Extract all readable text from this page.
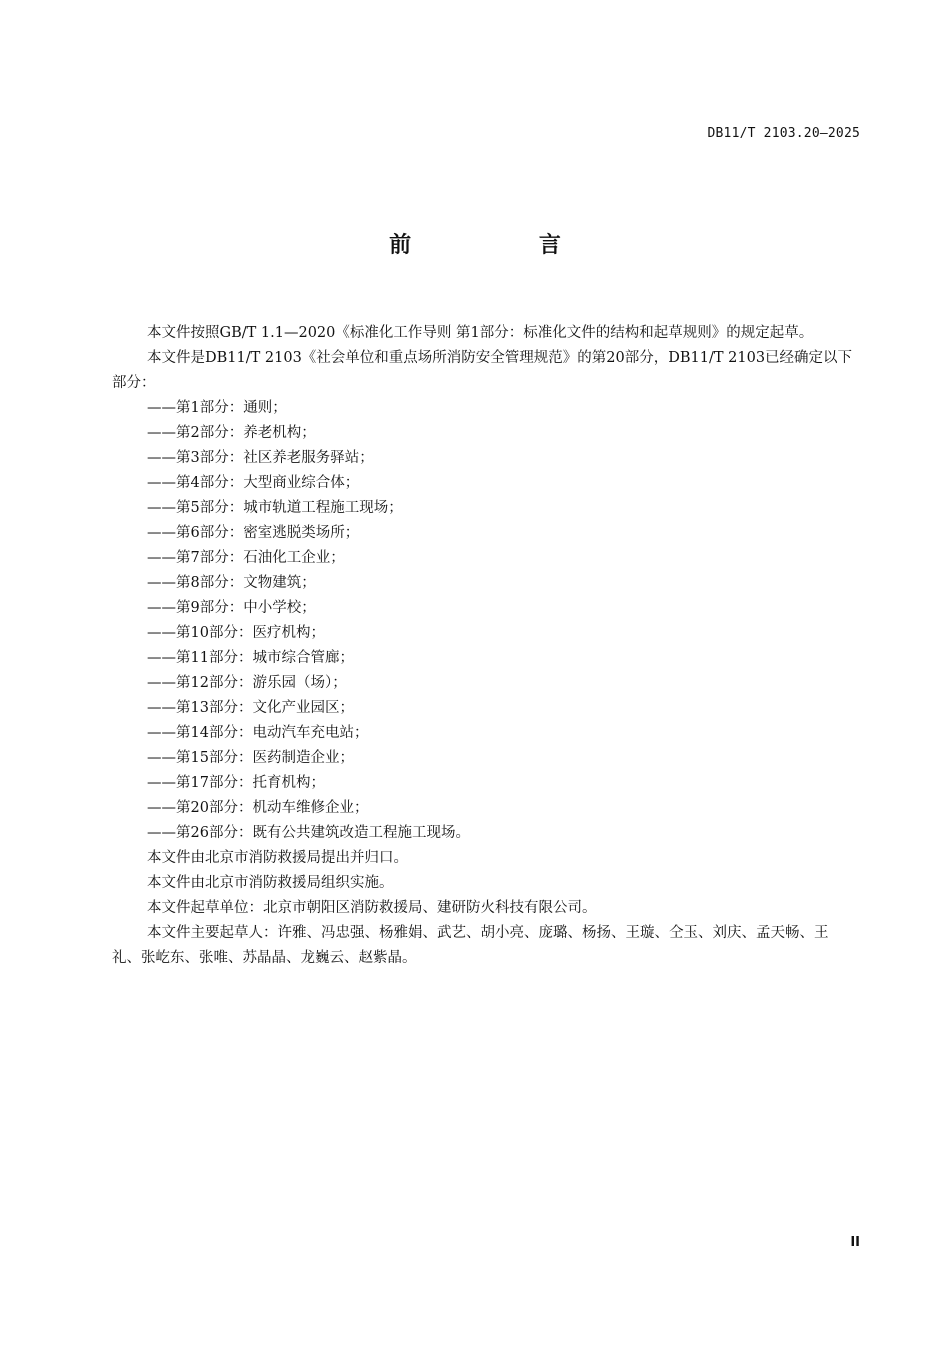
DB11/T 2103.20—2025
前 言

本文件按照GB/T 1.1—2020《标准化工作导则 第1部分：标准化文件的结构和起草规则》的规定起草。

本文件是DB11/T 2103《社会单位和重点场所消防安全管理规范》的第20部分，DB11/T 2103已经确定以下部分：

——第1部分：通则；

——第2部分：养老机构；

——第3部分：社区养老服务驿站；

——第4部分：大型商业综合体；

——第5部分：城市轨道工程施工现场；

——第6部分：密室逃脱类场所；

——第7部分：石油化工企业；

——第8部分：文物建筑；

——第9部分：中小学校；

——第10部分：医疗机构；

——第11部分：城市综合管廊；

——第12部分：游乐园（场）；

——第13部分：文化产业园区；

——第14部分：电动汽车充电站；

——第15部分：医药制造企业；

——第17部分：托育机构；

——第20部分：机动车维修企业；

——第26部分：既有公共建筑改造工程施工现场。

本文件由北京市消防救援局提出并归口。

本文件由北京市消防救援局组织实施。

本文件起草单位：北京市朝阳区消防救援局、建研防火科技有限公司。

本文件主要起草人：许雅、冯忠强、杨雅娟、武艺、胡小亮、庞璐、杨扬、王璇、仝玉、刘庆、孟天畅、王礼、张屹东、张唯、苏晶晶、龙巍云、赵紫晶。

II
